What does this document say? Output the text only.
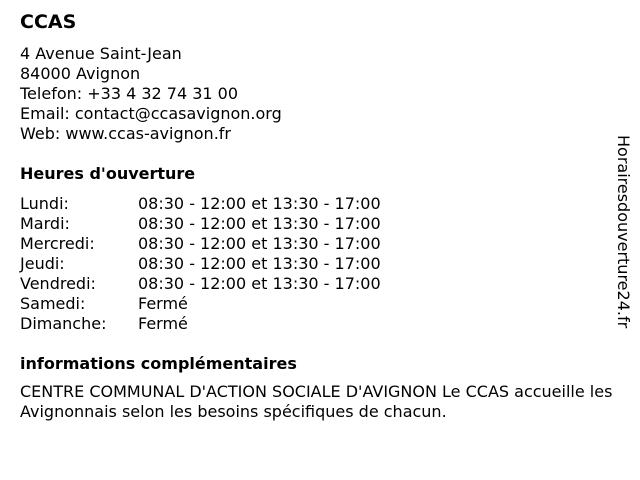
CCAS
4 Avenue Saint-Jean
84000 Avignon
Telefon: +33 4 32 74 31 00
Email: contact@ccasavignon.org
Web: www.ccas-avignon.fr
Heures d'ouverture
Lundi:	08:30 - 12:00 et 13:30 - 17:00
Mardi:	08:30 - 12:00 et 13:30 - 17:00
Mercredi:	08:30 - 12:00 et 13:30 - 17:00
Jeudi:	08:30 - 12:00 et 13:30 - 17:00
Vendredi:	08:30 - 12:00 et 13:30 - 17:00
Samedi:	Fermé
Dimanche:	Fermé
informations complémentaires
CENTRE COMMUNAL D'ACTION SOCIALE D'AVIGNON Le CCAS accueille les Avignonnais selon les besoins spécifiques de chacun.
Horairesdouverture24.fr
